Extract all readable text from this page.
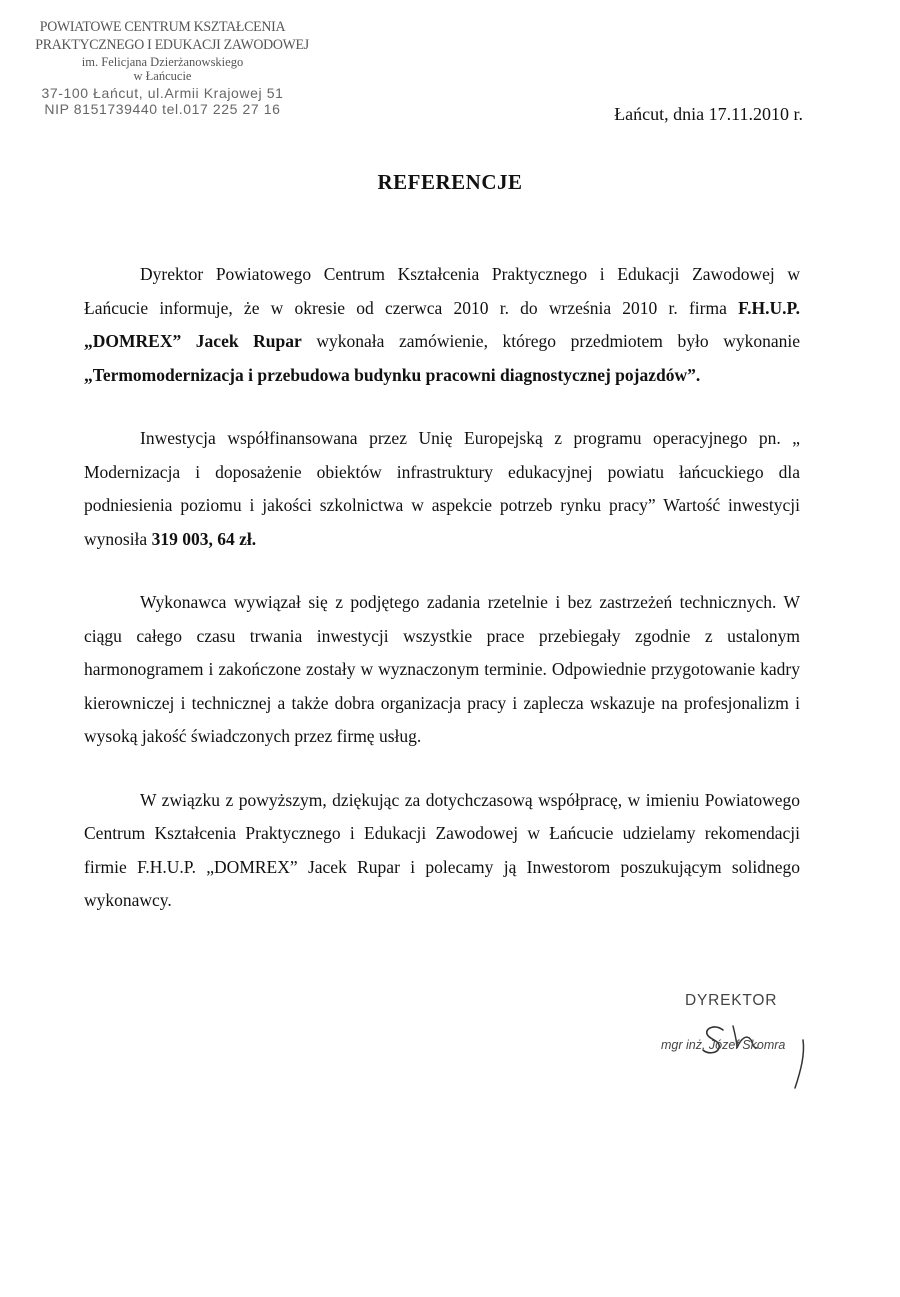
POWIATOWE CENTRUM KSZTAŁCENIA
PRAKTYCZNEGO I EDUKACJI ZAWODOWEJ
im. Felicjana Dzierżanowskiego
w Łańcucie
37-100 Łańcut, ul.Armii Krajowej 51
NIP 8151739440 tel.017 225 27 16	Łańcut, dnia 17.11.2010 r.
REFERENCJE

Dyrektor Powiatowego Centrum Kształcenia Praktycznego i Edukacji Zawodowej w Łańcucie informuje, że w okresie od czerwca 2010 r. do września 2010 r. firma F.H.U.P. „DOMREX” Jacek Rupar wykonała zamówienie, którego przedmiotem było wykonanie „Termomodernizacja i przebudowa budynku pracowni diagnostycznej pojazdów”.

Inwestycja współfinansowana przez Unię Europejską z programu operacyjnego pn. „ Modernizacja i doposażenie obiektów infrastruktury edukacyjnej powiatu łańcuckiego dla podniesienia poziomu i jakości szkolnictwa w aspekcie potrzeb rynku pracy” Wartość inwestycji wynosiła 319 003, 64 zł.

Wykonawca wywiązał się z podjętego zadania rzetelnie i bez zastrzeżeń technicznych. W ciągu całego czasu trwania inwestycji wszystkie prace przebiegały zgodnie z ustalonym harmonogramem i zakończone zostały w wyznaczonym terminie. Odpowiednie przygotowanie kadry kierowniczej i technicznej a także dobra organizacja pracy i zaplecza wskazuje na profesjonalizm i wysoką jakość świadczonych przez firmę usług.

W związku z powyższym, dziękując za dotychczasową współpracę, w imieniu Powiatowego Centrum Kształcenia Praktycznego i Edukacji Zawodowej w Łańcucie udzielamy rekomendacji firmie F.H.U.P. „DOMREX” Jacek Rupar i polecamy ją Inwestorom poszukującym solidnego wykonawcy.

DYREKTOR
mgr inż. Józef Skomra
